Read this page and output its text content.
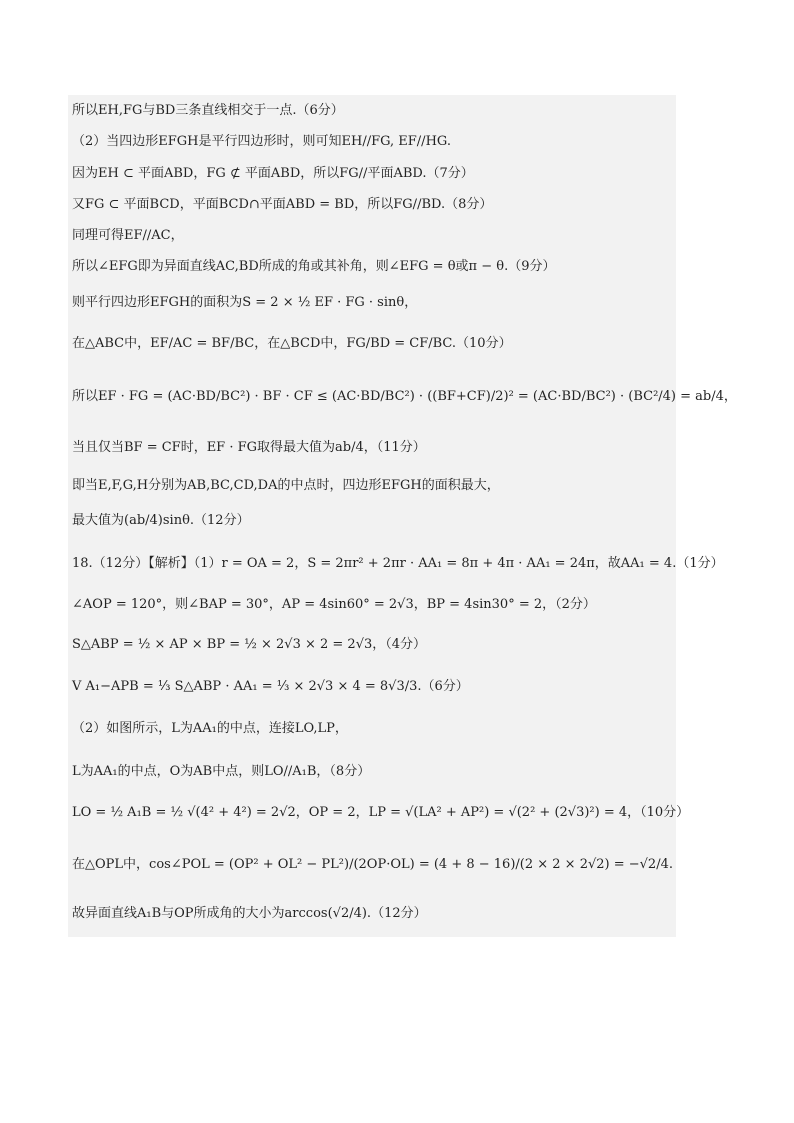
所以EH,FG与BD三条直线相交于一点.（6分）
（2）当四边形EFGH是平行四边形时，则可知EH//FG, EF//HG.
因为EH ⊂ 平面ABD，FG ⊄ 平面ABD，所以FG//平面ABD.（7分）
又FG ⊂ 平面BCD，平面BCD∩平面ABD = BD，所以FG//BD.（8分）
同理可得EF//AC，
所以∠EFG即为异面直线AC,BD所成的角或其补角，则∠EFG = θ或π − θ.（9分）
则平行四边形EFGH的面积为S = 2 × ½ EF · FG · sinθ，
在△ABC中，EF/AC = BF/BC，在△BCD中，FG/BD = CF/BC.（10分）
所以EF · FG = (AC·BD/BC²) · BF · CF ≤ (AC·BD/BC²) · ((BF+CF)/2)² = (AC·BD/BC²) · (BC²/4) = ab/4，
当且仅当BF = CF时，EF · FG取得最大值为ab/4，（11分）
即当E,F,G,H分别为AB,BC,CD,DA的中点时，四边形EFGH的面积最大，
最大值为(ab/4)sinθ.（12分）
18.（12分）【解析】（1）r = OA = 2，S = 2πr² + 2πr · AA₁ = 8π + 4π · AA₁ = 24π，故AA₁ = 4.（1分）
∠AOP = 120°，则∠BAP = 30°，AP = 4sin60° = 2√3，BP = 4sin30° = 2，（2分）
S△ABP = ½ × AP × BP = ½ × 2√3 × 2 = 2√3，（4分）
V A₁−APB = ⅓ S△ABP · AA₁ = ⅓ × 2√3 × 4 = 8√3/3.（6分）
（2）如图所示，L为AA₁的中点，连接LO,LP，
L为AA₁的中点，O为AB中点，则LO//A₁B，（8分）
LO = ½ A₁B = ½ √(4² + 4²) = 2√2，OP = 2，LP = √(LA² + AP²) = √(2² + (2√3)²) = 4，（10分）
在△OPL中，cos∠POL = (OP² + OL² − PL²)/(2OP·OL) = (4 + 8 − 16)/(2 × 2 × 2√2) = −√2/4.
故异面直线A₁B与OP所成角的大小为arccos(√2/4).（12分）
